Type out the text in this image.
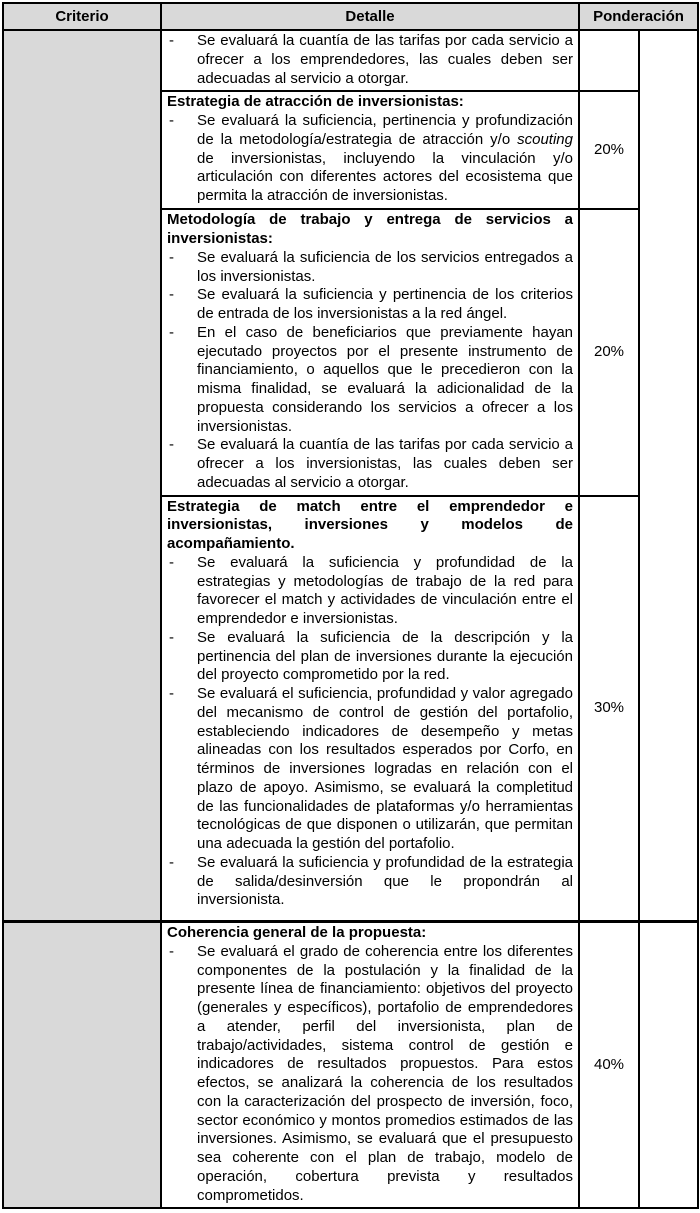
Criterio	Detalle	Ponderación	

	- Se evaluará la cuantía de las tarifas por cada servicio a ofrecer a los emprendedores, las cuales deben ser adecuadas al servicio a otorgar.		

	Estrategia de atracción de inversionistas:
- Se evaluará la suficiencia, pertinencia y profundización de la metodología/estrategia de atracción y/o scouting de inversionistas, incluyendo la vinculación y/o articulación con diferentes actores del ecosistema que permita la atracción de inversionistas.	20%	

Metodología de trabajo y entrega de servicios a inversionistas:
- Se evaluará la suficiencia de los servicios entregados a los inversionistas.
- Se evaluará la suficiencia y pertinencia de los criterios de entrada de los inversionistas a la red ángel.
- En el caso de beneficiarios que previamente hayan ejecutado proyectos por el presente instrumento de financiamiento, o aquellos que le precedieron con la misma finalidad, se evaluará la adicionalidad de la propuesta considerando los servicios a ofrecer a los inversionistas.
- Se evaluará la cuantía de las tarifas por cada servicio a ofrecer a los inversionistas, las cuales deben ser adecuadas al servicio a otorgar.
	20%

Estrategia de match entre el emprendedor e inversionistas, inversiones y modelos de acompañamiento.
- Se evaluará la suficiencia y profundidad de la estrategias y metodologías de trabajo de la red para favorecer el match y actividades de vinculación entre el emprendedor e inversionistas.
- Se evaluará la suficiencia de la descripción y la pertinencia del plan de inversiones durante la ejecución del proyecto comprometido por la red.
- Se evaluará el suficiencia, profundidad y valor agregado del mecanismo de control de gestión del portafolio, estableciendo indicadores de desempeño y metas alineadas con los resultados esperados por Corfo, en términos de inversiones logradas en relación con el plazo de apoyo. Asimismo, se evaluará la completitud de las funcionalidades de plataformas y/o herramientas tecnológicas de que disponen o utilizarán, que permitan una adecuada la gestión del portafolio.
- Se evaluará la suficiencia y profundidad de la estrategia de salida/desinversión que le propondrán al inversionista.
	30%

	Coherencia general de la propuesta:
- Se evaluará el grado de coherencia entre los diferentes componentes de la postulación y la finalidad de la presente línea de financiamiento: objetivos del proyecto (generales y específicos), portafolio de emprendedores a atender, perfil del inversionista, plan de trabajo/actividades, sistema control de gestión e indicadores de resultados propuestos. Para estos efectos, se analizará la coherencia de los resultados con la caracterización del prospecto de inversión, foco, sector económico y montos promedios estimados de las inversiones. Asimismo, se evaluará que el presupuesto sea coherente con el plan de trabajo, modelo de operación, cobertura prevista y resultados comprometidos.	40%	
